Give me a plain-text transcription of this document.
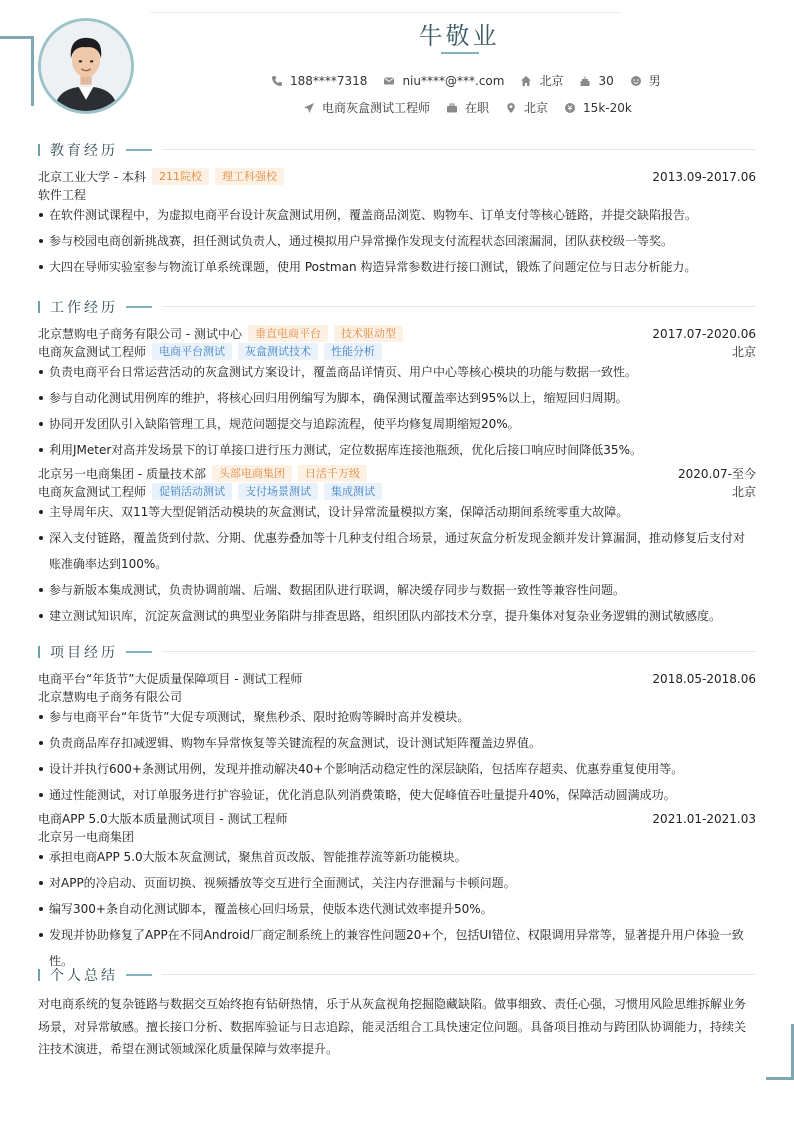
牛敬业
188****7318	niu****@***.com	北京	30	男
电商灰盒测试工程师	在职	北京	15k-20k
教育经历
北京工业大学 - 本科	211院校	理工科强校	2013.09-2017.06
软件工程
在软件测试课程中，为虚拟电商平台设计灰盒测试用例，覆盖商品浏览、购物车、订单支付等核心链路，并提交缺陷报告。
参与校园电商创新挑战赛，担任测试负责人，通过模拟用户异常操作发现支付流程状态回滚漏洞，团队获校级一等奖。
大四在导师实验室参与物流订单系统课题，使用 Postman 构造异常参数进行接口测试，锻炼了问题定位与日志分析能力。
工作经历
北京慧购电子商务有限公司 - 测试中心	垂直电商平台	技术驱动型	2017.07-2020.06
电商灰盒测试工程师	电商平台测试	灰盒测试技术	性能分析	北京
负责电商平台日常运营活动的灰盒测试方案设计，覆盖商品详情页、用户中心等核心模块的功能与数据一致性。
参与自动化测试用例库的维护，将核心回归用例编写为脚本，确保测试覆盖率达到95%以上，缩短回归周期。
协同开发团队引入缺陷管理工具，规范问题提交与追踪流程，使平均修复周期缩短20%。
利用JMeter对高并发场景下的订单接口进行压力测试，定位数据库连接池瓶颈，优化后接口响应时间降低35%。
北京另一电商集团 - 质量技术部	头部电商集团	日活千万级	2020.07-至今
电商灰盒测试工程师	促销活动测试	支付场景测试	集成测试	北京
主导周年庆、双11等大型促销活动模块的灰盒测试，设计异常流量模拟方案，保障活动期间系统零重大故障。
深入支付链路，覆盖货到付款、分期、优惠券叠加等十几种支付组合场景，通过灰盒分析发现金额并发计算漏洞，推动修复后支付对账准确率达到100%。
参与新版本集成测试，负责协调前端、后端、数据团队进行联调，解决缓存同步与数据一致性等兼容性问题。
建立测试知识库，沉淀灰盒测试的典型业务陷阱与排查思路，组织团队内部技术分享，提升集体对复杂业务逻辑的测试敏感度。
项目经历
电商平台“年货节”大促质量保障项目 - 测试工程师	2018.05-2018.06
北京慧购电子商务有限公司
参与电商平台“年货节”大促专项测试，聚焦秒杀、限时抢购等瞬时高并发模块。
负责商品库存扣减逻辑、购物车异常恢复等关键流程的灰盒测试，设计测试矩阵覆盖边界值。
设计并执行600+条测试用例，发现并推动解决40+个影响活动稳定性的深层缺陷，包括库存超卖、优惠券重复使用等。
通过性能测试，对订单服务进行扩容验证，优化消息队列消费策略，使大促峰值吞吐量提升40%，保障活动圆满成功。
电商APP 5.0大版本质量测试项目 - 测试工程师	2021.01-2021.03
北京另一电商集团
承担电商APP 5.0大版本灰盒测试，聚焦首页改版、智能推荐流等新功能模块。
对APP的冷启动、页面切换、视频播放等交互进行全面测试，关注内存泄漏与卡顿问题。
编写300+条自动化测试脚本，覆盖核心回归场景，使版本迭代测试效率提升50%。
发现并协助修复了APP在不同Android厂商定制系统上的兼容性问题20+个，包括UI错位、权限调用异常等，显著提升用户体验一致性。
个人总结
对电商系统的复杂链路与数据交互始终抱有钻研热情，乐于从灰盒视角挖掘隐藏缺陷。做事细致、责任心强，习惯用风险思维拆解业务场景，对异常敏感。擅长接口分析、数据库验证与日志追踪，能灵活组合工具快速定位问题。具备项目推动与跨团队协调能力，持续关注技术演进，希望在测试领域深化质量保障与效率提升。
